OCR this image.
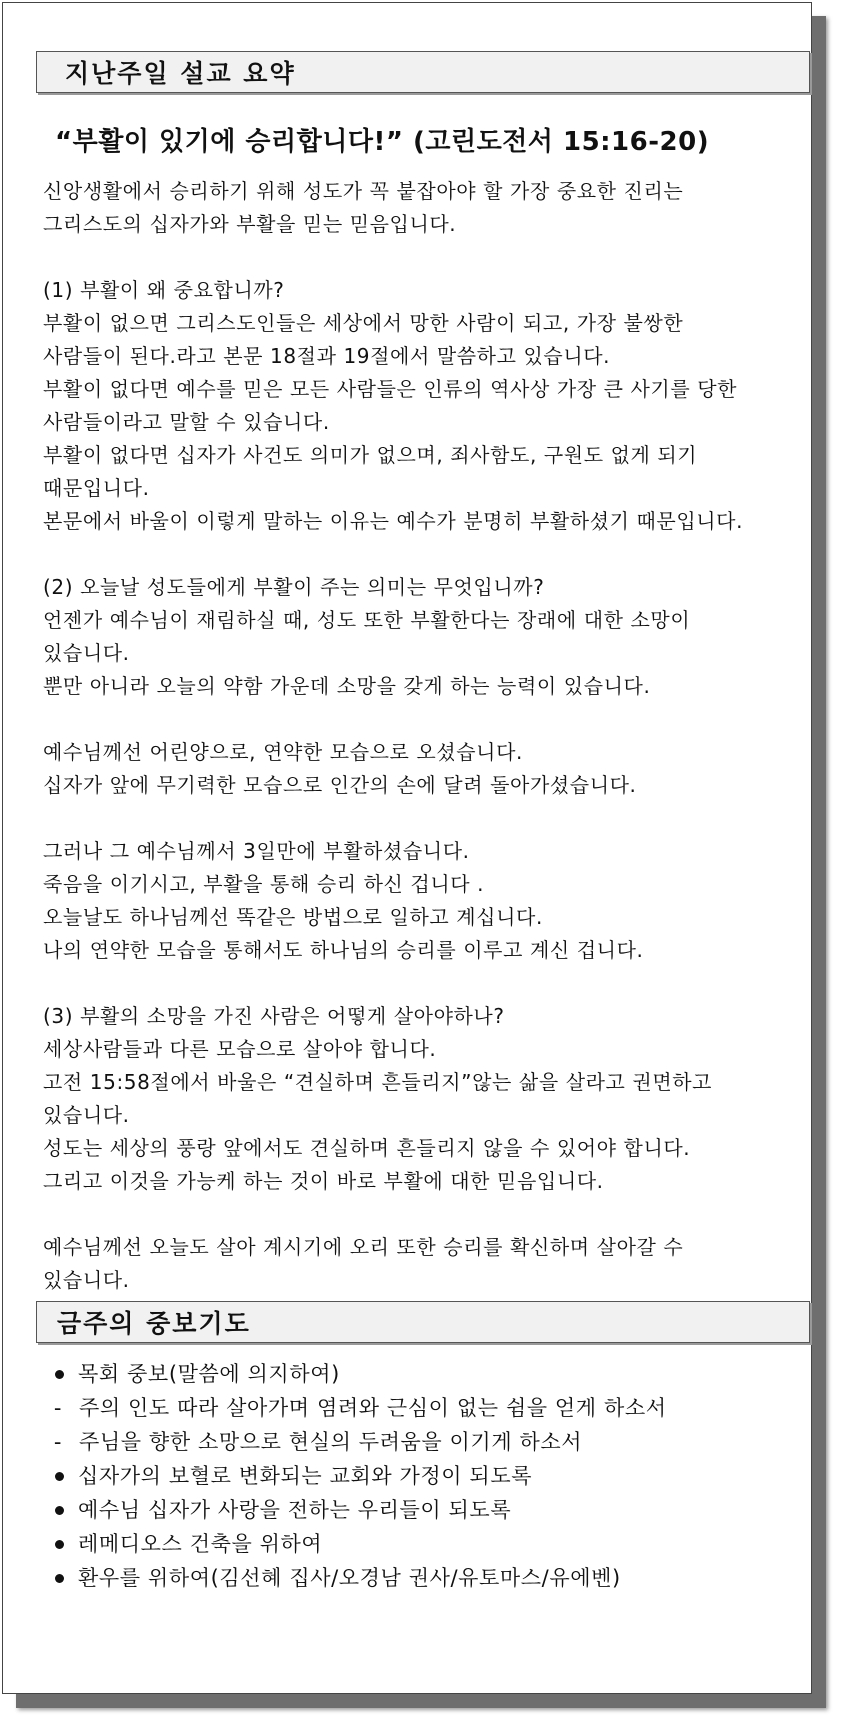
지난주일 설교 요약
“부활이 있기에 승리합니다!” (고린도전서 15:16-20)
신앙생활에서 승리하기 위해 성도가 꼭 붙잡아야 할 가장 중요한 진리는
그리스도의 십자가와 부활을 믿는 믿음입니다.
(1) 부활이 왜 중요합니까?
부활이 없으면 그리스도인들은 세상에서 망한 사람이 되고, 가장 불쌍한
사람들이 된다.라고 본문 18절과 19절에서 말씀하고 있습니다.
부활이 없다면 예수를 믿은 모든 사람들은 인류의 역사상 가장 큰 사기를 당한
사람들이라고 말할 수 있습니다.
부활이 없다면 십자가 사건도 의미가 없으며, 죄사함도, 구원도 없게 되기
때문입니다.
본문에서 바울이 이렇게 말하는 이유는 예수가 분명히 부활하셨기 때문입니다.
(2) 오늘날 성도들에게 부활이 주는 의미는 무엇입니까?
언젠가 예수님이 재림하실 때, 성도 또한 부활한다는 장래에 대한 소망이
있습니다.
뿐만 아니라 오늘의 약함 가운데 소망을 갖게 하는 능력이 있습니다.
예수님께선 어린양으로, 연약한 모습으로 오셨습니다.
십자가 앞에 무기력한 모습으로 인간의 손에 달려 돌아가셨습니다.
그러나 그 예수님께서 3일만에 부활하셨습니다.
죽음을 이기시고, 부활을 통해 승리 하신 겁니다 .
오늘날도 하나님께선 똑같은 방법으로 일하고 계십니다.
나의 연약한 모습을 통해서도 하나님의 승리를 이루고 계신 겁니다.
(3) 부활의 소망을 가진 사람은 어떻게 살아야하나?
세상사람들과 다른 모습으로 살아야 합니다.
고전 15:58절에서 바울은 “견실하며 흔들리지”않는 삶을 살라고 권면하고
있습니다.
성도는 세상의 풍랑 앞에서도 견실하며 흔들리지 않을 수 있어야 합니다.
그리고 이것을 가능케 하는 것이 바로 부활에 대한 믿음입니다.
예수님께선 오늘도 살아 계시기에 오리 또한 승리를 확신하며 살아갈 수
있습니다.
금주의 중보기도
목회 중보(말씀에 의지하여)
- 주의 인도 따라 살아가며 염려와 근심이 없는 쉼을 얻게 하소서
- 주님을 향한 소망으로 현실의 두려움을 이기게 하소서
십자가의 보혈로 변화되는 교회와 가정이 되도록
예수님 십자가 사랑을 전하는 우리들이 되도록
레메디오스 건축을 위하여
환우를 위하여(김선혜 집사/오경남 권사/유토마스/유에벤)
